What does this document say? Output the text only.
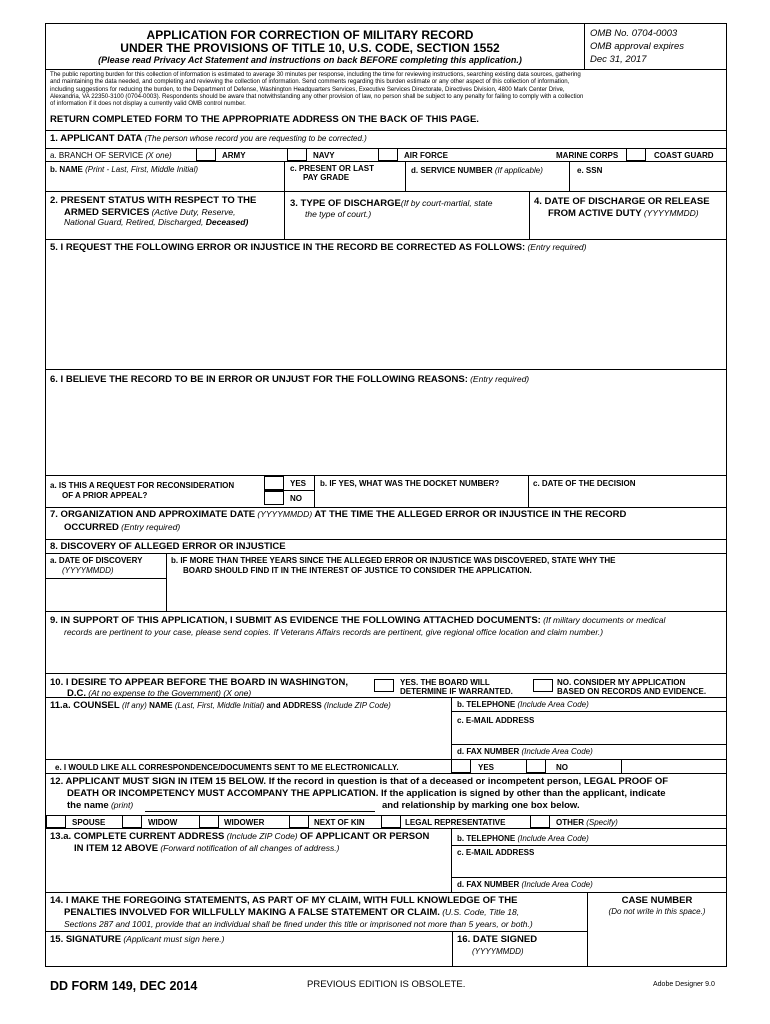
APPLICATION FOR CORRECTION OF MILITARY RECORD
UNDER THE PROVISIONS OF TITLE 10, U.S. CODE, SECTION 1552
(Please read Privacy Act Statement and instructions on back BEFORE completing this application.)
OMB No. 0704-0003
OMB approval expires
Dec 31, 2017
The public reporting burden for this collection of information is estimated to average 30 minutes per response, including the time for reviewing instructions, searching existing data sources, gathering
and maintaining the data needed, and completing and reviewing the collection of information. Send comments regarding this burden estimate or any other aspect of this collection of information,
including suggestions for reducing the burden, to the Department of Defense, Washington Headquarters Services, Executive Services Directorate, Directives Division, 4800 Mark Center Drive,
Alexandria, VA 22350-3100 (0704-0003). Respondents should be aware that notwithstanding any other provision of law, no person shall be subject to any penalty for failing to comply with a collection
of information if it does not display a currently valid OMB control number.
RETURN COMPLETED FORM TO THE APPROPRIATE ADDRESS ON THE BACK OF THIS PAGE.
1. APPLICANT DATA (The person whose record you are requesting to be corrected.)
a. BRANCH OF SERVICE (X one)	ARMY	NAVY	AIR FORCE	MARINE CORPS	COAST GUARD
b. NAME (Print - Last, First, Middle Initial)	c. PRESENT OR LAST
PAY GRADE
d. SERVICE NUMBER (If applicable)	e. SSN
2. PRESENT STATUS WITH RESPECT TO THE
ARMED SERVICES (Active Duty, Reserve,
National Guard, Retired, Discharged, Deceased)
3. TYPE OF DISCHARGE(If by court-martial, state
the type of court.)
4. DATE OF DISCHARGE OR RELEASE
FROM ACTIVE DUTY (YYYYMMDD)
5. I REQUEST THE FOLLOWING ERROR OR INJUSTICE IN THE RECORD BE CORRECTED AS FOLLOWS: (Entry required)
6. I BELIEVE THE RECORD TO BE IN ERROR OR UNJUST FOR THE FOLLOWING REASONS: (Entry required)
a. IS THIS A REQUEST FOR RECONSIDERATION
OF A PRIOR APPEAL?
YES
NO
b. IF YES, WHAT WAS THE DOCKET NUMBER?	c. DATE OF THE DECISION
7. ORGANIZATION AND APPROXIMATE DATE (YYYYMMDD) AT THE TIME THE ALLEGED ERROR OR INJUSTICE IN THE RECORD
OCCURRED (Entry required)
8. DISCOVERY OF ALLEGED ERROR OR INJUSTICE
a. DATE OF DISCOVERY
(YYYYMMDD)
b. IF MORE THAN THREE YEARS SINCE THE ALLEGED ERROR OR INJUSTICE WAS DISCOVERED, STATE WHY THE
BOARD SHOULD FIND IT IN THE INTEREST OF JUSTICE TO CONSIDER THE APPLICATION.
9. IN SUPPORT OF THIS APPLICATION, I SUBMIT AS EVIDENCE THE FOLLOWING ATTACHED DOCUMENTS: (If military documents or medical
records are pertinent to your case, please send copies. If Veterans Affairs records are pertinent, give regional office location and claim number.)
10. I DESIRE TO APPEAR BEFORE THE BOARD IN WASHINGTON,
D.C. (At no expense to the Government) (X one)
YES. THE BOARD WILL
DETERMINE IF WARRANTED.
NO. CONSIDER MY APPLICATION
BASED ON RECORDS AND EVIDENCE.
11.a. COUNSEL (If any) NAME (Last, First, Middle Initial) and ADDRESS (Include ZIP Code)	b. TELEPHONE (Include Area Code)
c. E-MAIL ADDRESS
d. FAX NUMBER (Include Area Code)
e. I WOULD LIKE ALL CORRESPONDENCE/DOCUMENTS SENT TO ME ELECTRONICALLY.	YES	NO
12. APPLICANT MUST SIGN IN ITEM 15 BELOW. If the record in question is that of a deceased or incompetent person, LEGAL PROOF OF
DEATH OR INCOMPETENCY MUST ACCOMPANY THE APPLICATION. If the application is signed by other than the applicant, indicate
the name (print)	and relationship by marking one box below.
SPOUSE	WIDOW	WIDOWER	NEXT OF KIN	LEGAL REPRESENTATIVE	OTHER (Specify)
13.a. COMPLETE CURRENT ADDRESS (Include ZIP Code) OF APPLICANT OR PERSON
IN ITEM 12 ABOVE (Forward notification of all changes of address.)
b. TELEPHONE (Include Area Code)
c. E-MAIL ADDRESS
d. FAX NUMBER (Include Area Code)
14. I MAKE THE FOREGOING STATEMENTS, AS PART OF MY CLAIM, WITH FULL KNOWLEDGE OF THE
PENALTIES INVOLVED FOR WILLFULLY MAKING A FALSE STATEMENT OR CLAIM. (U.S. Code, Title 18,
Sections 287 and 1001, provide that an individual shall be fined under this title or imprisoned not more than 5 years, or both.)
CASE NUMBER
(Do not write in this space.)
15. SIGNATURE (Applicant must sign here.)	16. DATE SIGNED
(YYYYMMDD)
DD FORM 149, DEC 2014	PREVIOUS EDITION IS OBSOLETE.	Adobe Designer 9.0
